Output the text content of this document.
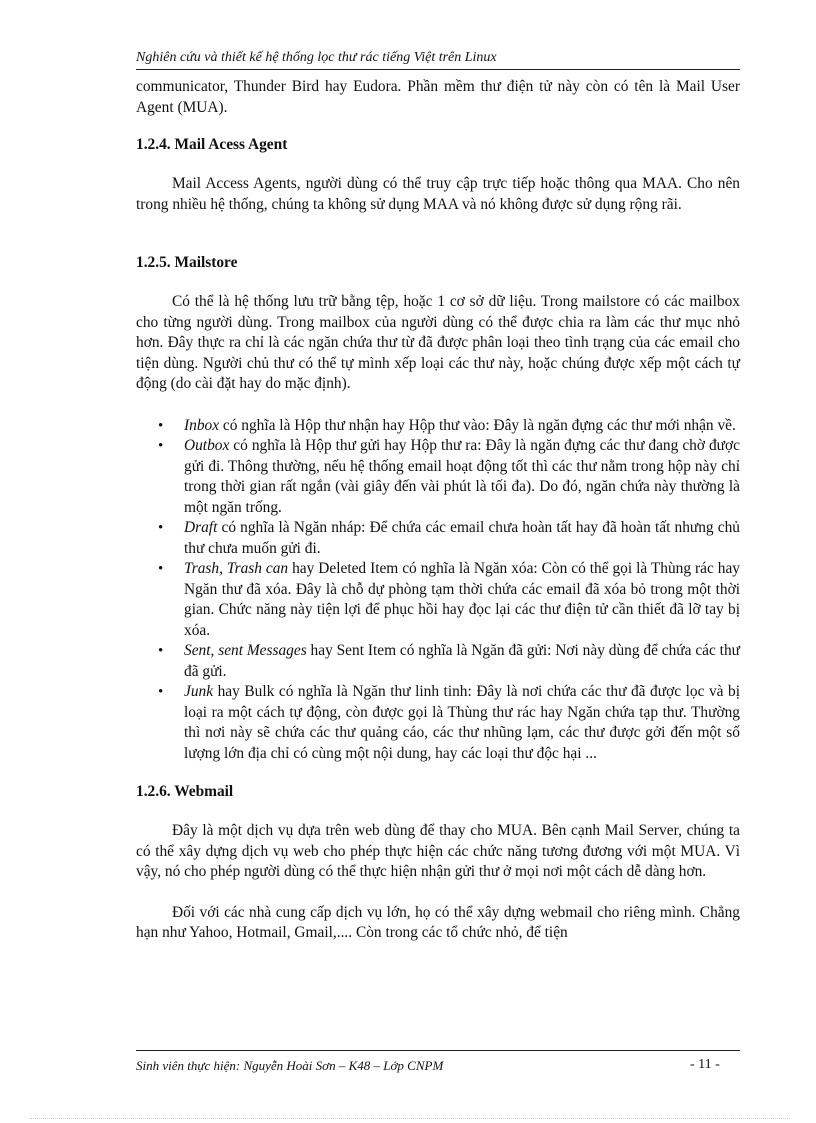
Nghiên cứu và thiết kế hệ thống lọc thư rác tiếng Việt trên Linux

communicator, Thunder Bird hay Eudora. Phần mềm thư điện tử này còn có tên là Mail User Agent (MUA).

1.2.4. Mail Acess Agent

Mail Access Agents, người dùng có thể truy cập trực tiếp hoặc thông qua MAA. Cho nên trong nhiều hệ thống, chúng ta không sử dụng MAA và nó không được sử dụng rộng rãi.

1.2.5. Mailstore

Có thể là hệ thống lưu trữ bằng tệp, hoặc 1 cơ sở dữ liệu. Trong mailstore có các mailbox cho từng người dùng. Trong mailbox của người dùng có thể được chia ra làm các thư mục nhỏ hơn. Đây thực ra chỉ là các ngăn chứa thư từ đã được phân loại theo tình trạng của các email cho tiện dùng. Người chủ thư có thể tự mình xếp loại các thư này, hoặc chúng được xếp một cách tự động (do cài đặt hay do mặc định).

• Inbox có nghĩa là Hộp thư nhận hay Hộp thư vào: Đây là ngăn đựng các thư mới nhận về.
• Outbox có nghĩa là Hộp thư gửi hay Hộp thư ra: Đây là ngăn đựng các thư đang chờ được gửi đi. Thông thường, nếu hệ thống email hoạt động tốt thì các thư nằm trong hộp này chỉ trong thời gian rất ngắn (vài giây đến vài phút là tối đa). Do đó, ngăn chứa này thường là một ngăn trống.
• Draft có nghĩa là Ngăn nháp: Để chứa các email chưa hoàn tất hay đã hoàn tất nhưng chủ thư chưa muốn gửi đi.
• Trash, Trash can hay Deleted Item có nghĩa là Ngăn xóa: Còn có thể gọi là Thùng rác hay Ngăn thư đã xóa. Đây là chỗ dự phòng tạm thời chứa các email đã xóa bỏ trong một thời gian. Chức năng này tiện lợi để phục hồi hay đọc lại các thư điện tử cần thiết đã lỡ tay bị xóa.
• Sent, sent Messages hay Sent Item có nghĩa là Ngăn đã gửi: Nơi này dùng để chứa các thư đã gửi.
• Junk hay Bulk có nghĩa là Ngăn thư linh tinh: Đây là nơi chứa các thư đã được lọc và bị loại ra một cách tự động, còn được gọi là Thùng thư rác hay Ngăn chứa tạp thư. Thường thì nơi này sẽ chứa các thư quảng cáo, các thư nhũng lạm, các thư được gởi đến một số lượng lớn địa chỉ có cùng một nội dung, hay các loại thư độc hại ...
1.2.6. Webmail

Đây là một dịch vụ dựa trên web dùng để thay cho MUA. Bên cạnh Mail Server, chúng ta có thể xây dựng dịch vụ web cho phép thực hiện các chức năng tương đương với một MUA. Vì vậy, nó cho phép người dùng có thể thực hiện nhận gửi thư ở mọi nơi một cách dễ dàng hơn.

Đối với các nhà cung cấp dịch vụ lớn, họ có thể xây dựng webmail cho riêng mình. Chẳng hạn như Yahoo, Hotmail, Gmail,.... Còn trong các tổ chức nhỏ, để tiện

Sinh viên thực hiện: Nguyễn Hoài Sơn – K48 – Lớp CNPM	- 11 -
